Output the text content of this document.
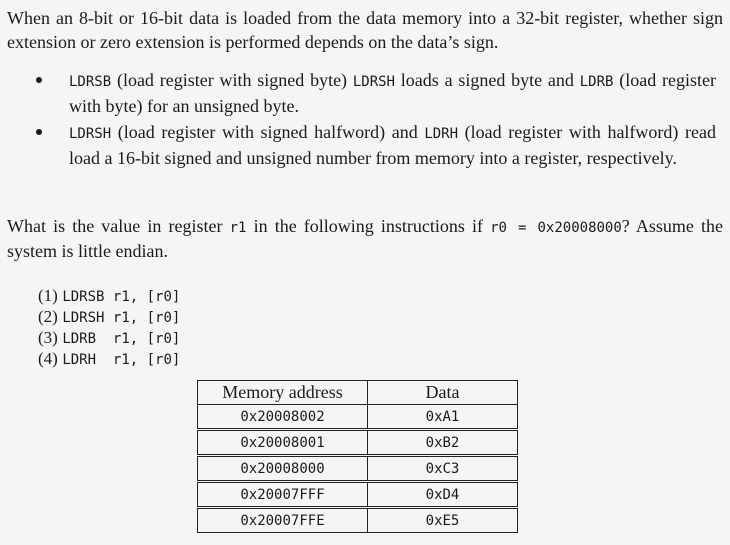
When an 8-bit or 16-bit data is loaded from the data memory into a 32-bit register, whether sign extension or zero extension is performed depends on the data’s sign.

LDRSB (load register with signed byte) LDRSH loads a signed byte and LDRB (load register with byte) for an unsigned byte.
LDRSH (load register with signed halfword) and LDRH (load register with halfword) read load a 16-bit signed and unsigned number from memory into a register, respectively.

What is the value in register r1 in the following instructions if r0 = 0x20008000? Assume the system is little endian.

(1) LDRSB r1, [r0]
(2) LDRSH r1, [r0]
(3) LDRB  r1, [r0]
(4) LDRH  r1, [r0]
Memory address	Data
0x20008002	0xA1
0x20008001	0xB2
0x20008000	0xC3
0x20007FFF	0xD4
0x20007FFE	0xE5
